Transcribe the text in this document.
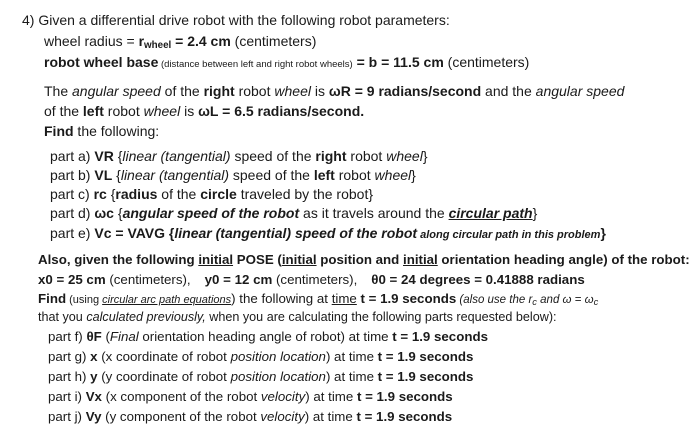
4) Given a differential drive robot with the following robot parameters:
wheel radius = $r_{wheel} = 2.4$ cm (centimeters)
robot wheel base (distance between left and right robot wheels) = b = 11.5 cm (centimeters)
The angular speed of the right robot wheel is ωR = 9 radians/second and the angular speed
of the left robot wheel is ωL = 6.5 radians/second.
Find the following:
part a) VR {linear (tangential) speed of the right robot wheel}
part b) VL {linear (tangential) speed of the left robot wheel}
part c) rc {radius of the circle traveled by the robot}
part d) ωc {angular speed of the robot as it travels around the circular path}
part e) Vc = VAVG {linear (tangential) speed of the robot along circular path in this problem}
Also, given the following initial POSE (initial position and initial orientation heading angle) of the robot:
x0 = 25 cm (centimeters), y0 = 12 cm (centimeters), θ0 = 24 degrees = 0.41888 radians
Find (using circular arc path equations) the following at time t = 1.9 seconds (also use the $r_c$ and $\omega = \omega_c$
that you calculated previously, when you are calculating the following parts requested below):
part f) θF (Final orientation heading angle of robot) at time t = 1.9 seconds
part g) x (x coordinate of robot position location) at time t = 1.9 seconds
part h) y (y coordinate of robot position location) at time t = 1.9 seconds
part i) Vx (x component of the robot velocity) at time t = 1.9 seconds
part j) Vy (y component of the robot velocity) at time t = 1.9 seconds
